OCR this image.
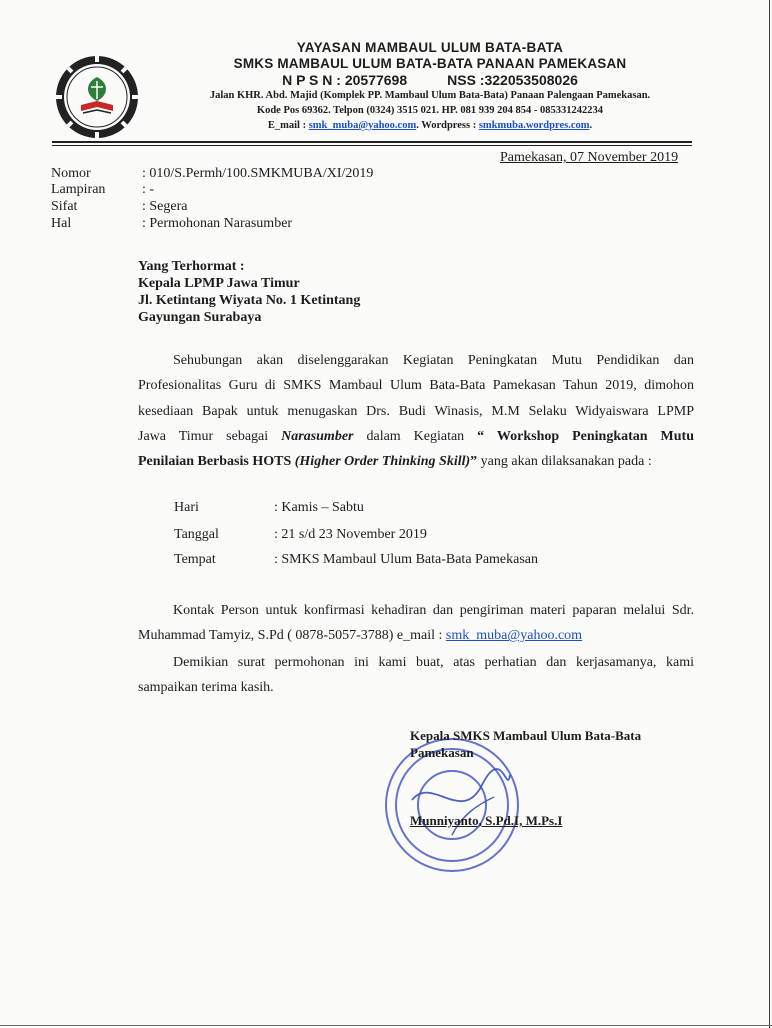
YAYASAN MAMBAUL ULUM BATA-BATA
SMKS MAMBAUL ULUM BATA-BATA PANAAN PAMEKASAN
N P S N : 20577698	NSS :322053508026
Jalan KHR. Abd. Majid (Komplek PP. Mambaul Ulum Bata-Bata) Panaan Palengaan Pamekasan.
Kode Pos 69362. Telpon (0324) 3515 021. HP. 081 939 204 854 - 085331242234
E_mail : smk_muba@yahoo.com. Wordpress : smkmuba.wordpres.com.
Pamekasan, 07 November 2019
Nomor	: 010/S.Permh/100.SMKMUBA/XI/2019
Lampiran	: -
Sifat	: Segera
Hal	: Permohonan Narasumber
Yang Terhormat :
Kepala LPMP Jawa Timur
Jl. Ketintang Wiyata No. 1 Ketintang
Gayungan Surabaya
Sehubungan akan diselenggarakan Kegiatan Peningkatan Mutu Pendidikan dan
Profesionalitas Guru di SMKS Mambaul Ulum Bata-Bata Pamekasan Tahun 2019, dimohon
kesediaan Bapak untuk menugaskan Drs. Budi Winasis, M.M Selaku Widyaiswara LPMP
Jawa Timur sebagai Narasumber dalam Kegiatan “ Workshop Peningkatan Mutu
Penilaian Berbasis HOTS (Higher Order Thinking Skill)” yang akan dilaksanakan pada :
Hari	: Kamis – Sabtu
Tanggal	: 21 s/d 23 November 2019
Tempat	: SMKS Mambaul Ulum Bata-Bata Pamekasan
Kontak Person untuk konfirmasi kehadiran dan pengiriman materi paparan melalui Sdr.
Muhammad Tamyiz, S.Pd ( 0878-5057-3788) e_mail : smk_muba@yahoo.com
Demikian surat permohonan ini kami buat, atas perhatian dan kerjasamanya, kami
sampaikan terima kasih.
Kepala SMKS Mambaul Ulum Bata-Bata
Pamekasan
Munniyanto, S.Pd.I, M.Ps.I
